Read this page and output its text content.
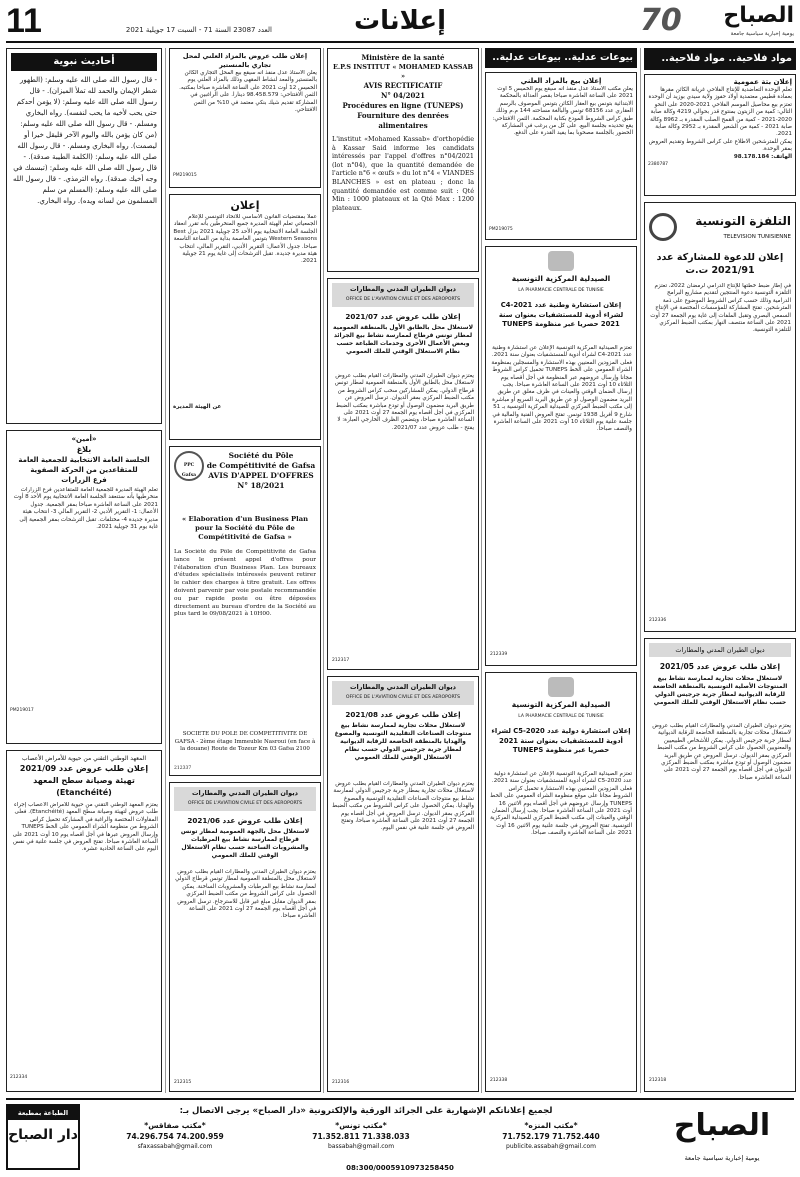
11	العدد 23087 السنة 71 - السبت 17 جويلية 2021	إعلانات	70	الصباح
يومية إخبارية سياسية جامعة
مواد فلاحية.. مواد فلاحية..
إعلان بتة عمومية
تعلم الوحدة التعاضدية للإنتاج الفلاحي غريانة الكائن مقرها بعمادة قطيس معتمدية أولاد حفوز ولاية سيدي بوزيد أن الوحدة تعتزم بيع محاصيل الموسم الفلاحي 2021-2020 على النحو التالي: كمية من الزيتون بمنتوج قدر بحوالي 4219 وكالة صابة 2020-2021 - كمية من القمح الصلب المقدرة بـ 8962 وكالة صابة 2021 - كمية من الشعير المقدرة بـ 2952 وكالة صابة 2021.
يمكن للمترشحين الاطلاع على كراس الشروط وتقديم العروض بمقر الوحدة.
الهاتف: 98.178.184
2380787
التلفزة التونسية
TELEVISION TUNISIENNE
إعلان للدعوة للمشاركة عدد 2021/91 ت.ت
في إطار ضبط خطتها للإنتاج الدرامي لرمضان 2022، تعتزم التلفزة التونسية دعوة المنتجين لتقديم مشاريع البرامج الدرامية وذلك حسب كراس الشروط الموضوع على ذمة المترشحين. تفتح المشاركة للمؤسسات المختصة في الإنتاج السمعي البصري وتقبل الملفات إلى غاية يوم الجمعة 27 أوت 2021 على الساعة منتصف النهار بمكتب الضبط المركزي للتلفزة التونسية.
212336
ديوان الطيران المدني والمطارات
إعلان طلب عروض عدد 2021/05
لاستغلال محلات تجارية لممارسة نشاط بيع المنتوجات الأصلية التونسية بالمنطقة الخاضعة للرقابة الديوانية لمطار جربة جرجيس الدولي حسب نظام الاستغلال الوقتي للملك العمومي
يعتزم ديوان الطيران المدني والمطارات القيام بطلب عروض لاستغلال محلات تجارية بالمنطقة الخاضعة للرقابة الديوانية لمطار جربة جرجيس الدولي. يمكن للأشخاص الطبيعيين والمعنويين الحصول على كراس الشروط من مكتب الضبط المركزي بمقر الديوان. ترسل العروض عن طريق البريد مضمون الوصول أو تودع مباشرة بمكتب الضبط المركزي للديوان في أجل أقصاه يوم الجمعة 27 أوت 2021 على الساعة العاشرة صباحا.
212318
بيوعات عدلية.. بيوعات عدلية..
إعلان بيع بالمزاد العلني
يعلن مكتب الأستاذ عدل منفذ أنه سيقع يوم الخميس 5 أوت 2021 على الساعة العاشرة صباحا بقصر العدالة بالمحكمة الابتدائية بتونس بيع العقار الكائن بتونس الموصوف بالرسم العقاري عدد 68156 تونس والبالغة مساحته 144 م.م وذلك طبق كراس الشروط المودع بكتابة المحكمة. الثمن الافتتاحي: يقع تحديده بجلسة البيع. على كل من يرغب في المشاركة الحضور بالجلسة مصحوبا بما يفيد القدرة على الدفع.
PM219075
الصيدلية المركزية التونسية
LA PHARMACIE CENTRALE DE TUNISIE
إعلان استشارة وطنية عدد 2021-C4 لشراء أدوية للمستشفيات بعنوان سنة 2021 حصريا عبر منظومة TUNEPS
تعتزم الصيدلية المركزية التونسية الإعلان عن استشارة وطنية عدد 2021-C4 لشراء أدوية للمستشفيات بعنوان سنة 2021. فعلى المزودين المعنيين بهذه الاستشارة والمسجلين بمنظومة الشراء العمومي على الخط TUNEPS تحميل كراس الشروط مجانا وإرسال عروضهم عبر المنظومة في أجل أقصاه يوم الثلاثاء 10 أوت 2021 على الساعة العاشرة صباحا. يجب إرسال الضمان الوقتي والعينات في ظرف مغلق عن طريق البريد مضمون الوصول أو عن طريق البريد السريع أو مباشرة إلى مكتب الضبط المركزي للصيدلية المركزية التونسية بـ 51 شارع 9 أفريل 1938 تونس. تفتح العروض الفنية والمالية في جلسة علنية يوم الثلاثاء 10 أوت 2021 على الساعة العاشرة والنصف صباحا.
212339
الصيدلية المركزية التونسية
LA PHARMACIE CENTRALE DE TUNISIE
إعلان استشارة دولية عدد 2020-C5 لشراء أدوية للمستشفيات بعنوان سنة 2021 حصريا عبر منظومة TUNEPS
تعتزم الصيدلية المركزية التونسية الإعلان عن استشارة دولية عدد 2020-C5 لشراء أدوية للمستشفيات بعنوان سنة 2021. فعلى المزودين المعنيين بهذه الاستشارة تحميل كراس الشروط مجانا على موقع منظومة الشراء العمومي على الخط TUNEPS وإرسال عروضهم في أجل أقصاه يوم الاثنين 16 أوت 2021 على الساعة العاشرة صباحا. يجب إرسال الضمان الوقتي والعينات إلى مكتب الضبط المركزي للصيدلية المركزية التونسية. تفتح العروض في جلسة علنية يوم الاثنين 16 أوت 2021 على الساعة العاشرة والنصف صباحا.
212338
Ministère de la santé
E.P.S INSTITUT « MOHAMED KASSAB »
AVIS RECTIFICATIF
N° 04/2021
Procédures en ligne (TUNEPS)
Fourniture des denrées alimentaires
L'institut «Mohamed Kassab» d'orthopédie à Kassar Said informe les candidats intéressés par l'appel d'offres n°04/2021 (lot n°04), que la quantité demandée de l'article n°6 « œufs » du lot n°4 « VIANDES BLANCHES » est en plateau ; donc la quantité demandée est comme suit : Qté Min : 1000 plateaux et la Qté Max : 1200 plateaux.
ديوان الطيران المدني والمطارات
OFFICE DE L'AVIATION CIVILE ET DES AEROPORTS
إعلان طلب عروض عدد 2021/07
لاستغلال محل بالطابق الأول بالمنطقة العمومية لمطار تونس قرطاج لممارسة نشاط بيع الجرائد وبعض الأعمال الأخرى وخدمات الطباعة حسب نظام الاستغلال الوقتي للملك العمومي
يعتزم ديوان الطيران المدني والمطارات القيام بطلب عروض لاستغلال محل بالطابق الأول بالمنطقة العمومية لمطار تونس قرطاج الدولي. يمكن للمشاركين سحب كراس الشروط من مكتب الضبط المركزي بمقر الديوان. ترسل العروض عن طريق البريد مضمون الوصول أو تودع مباشرة بمكتب الضبط المركزي في أجل أقصاه يوم الجمعة 27 أوت 2021 على الساعة العاشرة صباحا، ويتضمن الظرف الخارجي العبارة: لا يفتح - طلب عروض عدد 2021/07.
212317
ديوان الطيران المدني والمطارات
OFFICE DE L'AVIATION CIVILE ET DES AEROPORTS
إعلان طلب عروض عدد 2021/08
لاستغلال محلات تجارية لممارسة نشاط بيع منتوجات الصناعات التقليدية التونسية والمصوغ والهدايا بالمنطقة الخاضعة للرقابة الديوانية لمطار جربة جرجيس الدولي حسب نظام الاستغلال الوقتي للملك العمومي
يعتزم ديوان الطيران المدني والمطارات القيام بطلب عروض لاستغلال محلات تجارية بمطار جربة جرجيس الدولي لممارسة نشاط بيع منتوجات الصناعات التقليدية التونسية والمصوغ والهدايا. يمكن الحصول على كراس الشروط من مكتب الضبط المركزي بمقر الديوان. ترسل العروض في أجل أقصاه يوم الجمعة 27 أوت 2021 على الساعة العاشرة صباحا، وتفتح العروض في جلسة علنية في نفس اليوم.
212316
إعلان طلب عروض بالمزاد العلني لمحل تجاري بالمنستير
يعلن الأستاذ عدل منفذ أنه سيقع بيع المحل التجاري الكائن بالمنستير والمعد لنشاط المقهى وذلك بالمزاد العلني يوم الخميس 12 أوت 2021 على الساعة العاشرة صباحا بمكتبه. الثمن الافتتاحي: 98.458.579 دينارا. على الراغبين في المشاركة تقديم شيك بنكي معتمد في 10% من الثمن الافتتاحي.
PM219015
إعلان
عملا بمقتضيات القانون الأساسي للاتحاد التونسي للإعلام الجمعياتي تعلم الهيئة المديرة جميع المنخرطين بأنه تقرر انعقاد الجلسة العامة الانتخابية يوم الأحد 25 جويلية 2021 بنزل Best Western Seasons بتونس العاصمة بداية من الساعة التاسعة صباحا. جدول الأعمال: التقرير الأدبي، التقرير المالي، انتخاب هيئة مديرة جديدة. تقبل الترشحات إلى غاية يوم 21 جويلية 2021.
عن الهيئة المديرة
PPC Gafsa
Société du Pôle
de Compétitivité de Gafsa
AVIS D'APPEL D'OFFRES
N° 18/2021
« Elaboration d'un Business Plan pour la Société du Pôle de Compétitivité de Gafsa »
La Société du Pôle de Compétitivité de Gafsa lance le présent appel d'offres pour l'élaboration d'un Business Plan. Les bureaux d'études spécialisés intéressés peuvent retirer le cahier des charges à titre gratuit. Les offres doivent parvenir par voie postale recommandée ou par rapide poste ou être déposées directement au bureau d'ordre de la Société au plus tard le 09/08/2021 à 10H00.
SOCIETE DU POLE DE COMPETITIVITE DE GAFSA - 2ème étage Immeuble Nasroui (en face à la douane) Route de Tozeur Km 03 Gafsa 2100
212337
ديوان الطيران المدني والمطارات
OFFICE DE L'AVIATION CIVILE ET DES AEROPORTS
إعلان طلب عروض عدد 2021/06
لاستغلال محل بالجهة العمومية لمطار تونس قرطاج لممارسة نشاط بيع المرطبات والمشروبات الساخنة حسب نظام الاستغلال الوقتي للملك العمومي
يعتزم ديوان الطيران المدني والمطارات القيام بطلب عروض لاستغلال محل بالمنطقة العمومية لمطار تونس قرطاج الدولي لممارسة نشاط بيع المرطبات والمشروبات الساخنة. يمكن الحصول على كراس الشروط من مكتب الضبط المركزي بمقر الديوان مقابل مبلغ غير قابل للاسترجاع. ترسل العروض في أجل أقصاه يوم الجمعة 27 أوت 2021 على الساعة العاشرة صباحا.
212315
أحاديث نبوية
- قال رسول الله صلى الله عليه وسلم: (الطهور شطر الإيمان والحمد لله تملأ الميزان). - قال رسول الله صلى الله عليه وسلم: (لا يؤمن أحدكم حتى يحب لأخيه ما يحب لنفسه). رواه البخاري ومسلم. - قال رسول الله صلى الله عليه وسلم: (من كان يؤمن بالله واليوم الآخر فليقل خيرا أو ليصمت). رواه البخاري ومسلم. - قال رسول الله صلى الله عليه وسلم: (الكلمة الطيبة صدقة). - قال رسول الله صلى الله عليه وسلم: (تبسمك في وجه أخيك صدقة). رواه الترمذي. - قال رسول الله صلى الله عليه وسلم: (المسلم من سلم المسلمون من لسانه ويده). رواه البخاري.
«أمين»
بلاغ
الجلسة العامة الانتخابية للجمعية العامة للمتقاعدين من الحركة الصفوية
فرع الزرارات
تعلم الهيئة المديرة للجمعية العامة للمتقاعدين فرع الزرارات منخرطيها بأنه ستنعقد الجلسة العامة الانتخابية يوم الأحد 8 أوت 2021 على الساعة العاشرة صباحا بمقر الجمعية. جدول الأعمال: 1- التقرير الأدبي 2- التقرير المالي 3- انتخاب هيئة مديرة جديدة 4- مختلفات. تقبل الترشحات بمقر الجمعية إلى غاية يوم 31 جويلية 2021.
PM219017
المعهد الوطني التقني من حيوية للأمراض الأعصاب
إعلان طلب عروض عدد 2021/09
تهيئة وصيانة سطح المعهد (Etanchéité)
يعتزم المعهد الوطني التقني من حيوية للأمراض الأعصاب إجراء طلب عروض لتهيئة وصيانة سطح المعهد (Etanchéité). فعلى المقاولات المختصة والراغبة في المشاركة تحميل كراس الشروط من منظومة الشراء العمومي على الخط TUNEPS وإرسال العروض عبرها في أجل أقصاه يوم 10 أوت 2021 على الساعة العاشرة صباحا. تفتح العروض في جلسة علنية في نفس اليوم على الساعة الحادية عشرة.
212334
الصباح
يومية إخبارية سياسية جامعة
لجميع إعلاناتكم الإشهارية على الجرائد الورقية والإلكترونية «دار الصباح» يرجى الاتصال بـ:
*مكتب المنزه*
71.752.179 71.752.440
publicite.assabah@gmail.com
*مكتب تونس*
71.352.811 71.338.033
bassabah@gmail.com
*مكتب صفاقس*
74.296.754 74.200.959
sfaxassabah@gmail.com
08:300/0005910973258450
الطباعة بمطبعة
دار الصباح
